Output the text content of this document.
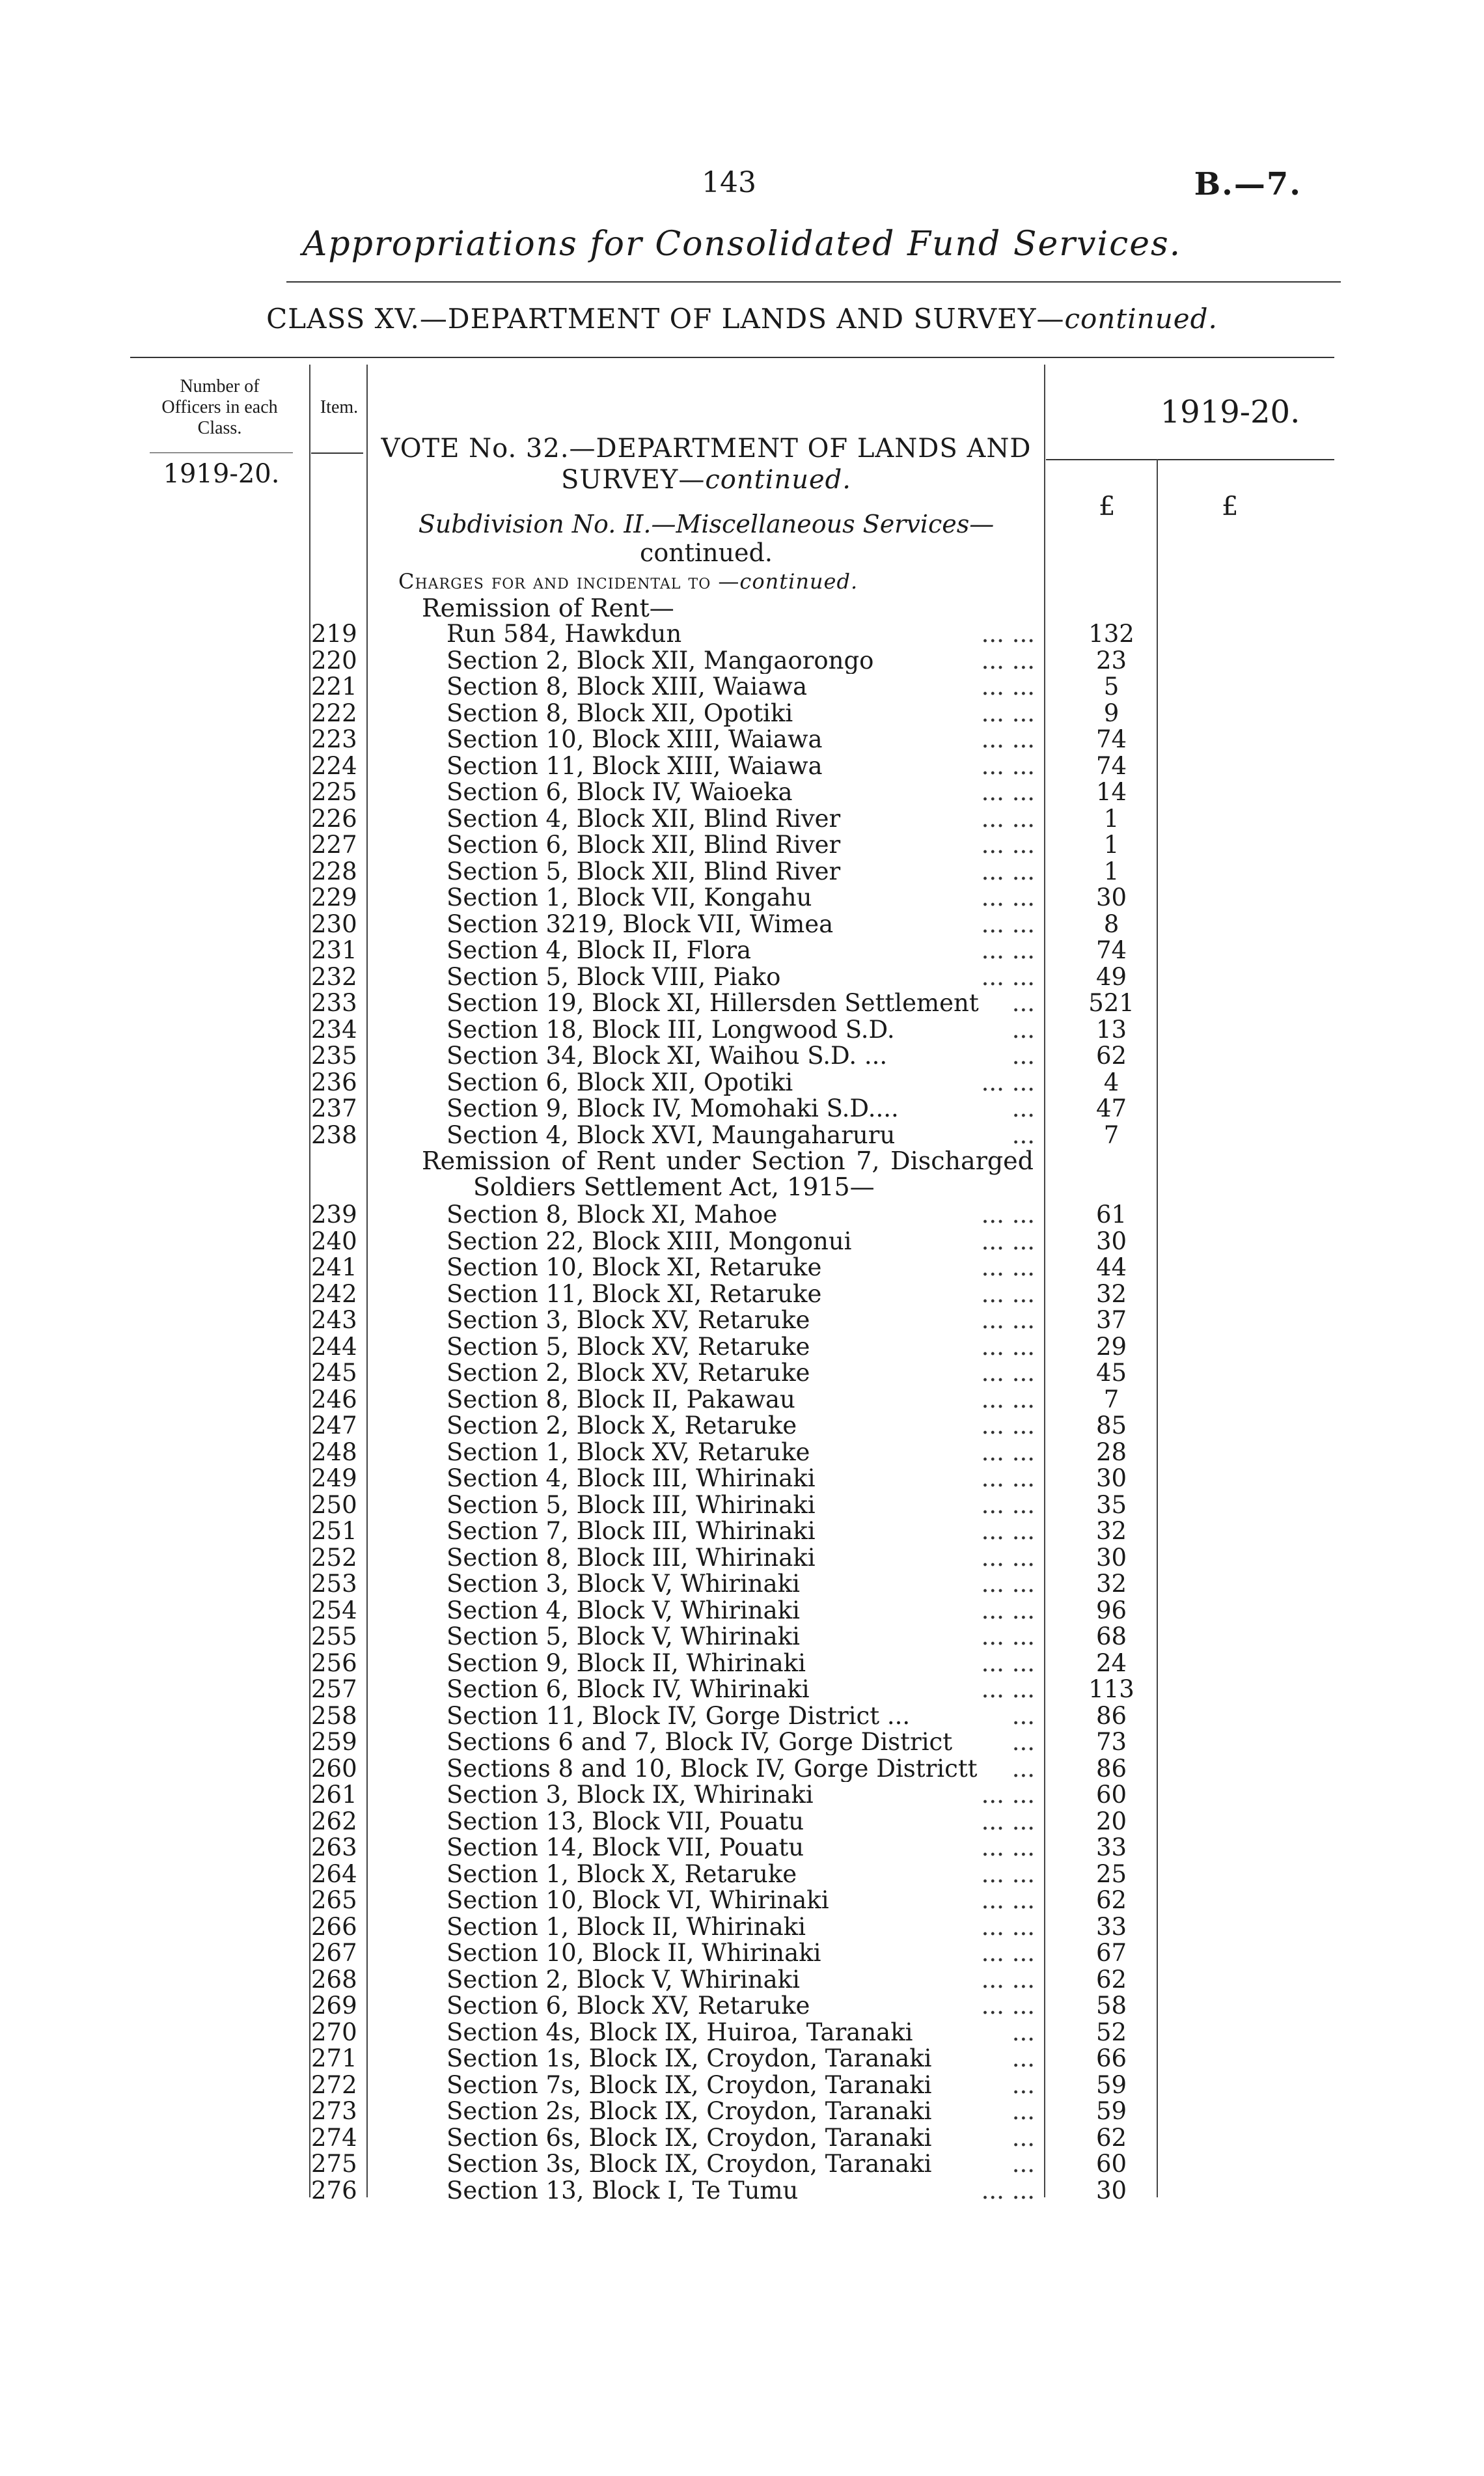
143	B.—7.
Appropriations for Consolidated Fund Services.
CLASS XV.—DEPARTMENT OF LANDS AND SURVEY—continued.
Number of
Officers in each
Class.
Item.
1919-20.
1919-20.
£	£
VOTE No. 32.—DEPARTMENT OF LANDS AND
SURVEY—continued.
Subdivision No. II.—Miscellaneous Services—continued.
Charges for and incidental to —continued.
Remission of Rent—
219	Run 584, Hawkdun	... ...	132
220	Section 2, Block XII, Mangaorongo	... ...	23
221	Section 8, Block XIII, Waiawa	... ...	5
222	Section 8, Block XII, Opotiki	... ...	9
223	Section 10, Block XIII, Waiawa	... ...	74
224	Section 11, Block XIII, Waiawa	... ...	74
225	Section 6, Block IV, Waioeka	... ...	14
226	Section 4, Block XII, Blind River	... ...	1
227	Section 6, Block XII, Blind River	... ...	1
228	Section 5, Block XII, Blind River	... ...	1
229	Section 1, Block VII, Kongahu	... ...	30
230	Section 3219, Block VII, Wimea	... ...	8
231	Section 4, Block II, Flora	... ...	74
232	Section 5, Block VIII, Piako	... ...	49
233	Section 19, Block XI, Hillersden Settlement	...	521
234	Section 18, Block III, Longwood S.D.	...	13
235	Section 34, Block XI, Waihou S.D. ...	...	62
236	Section 6, Block XII, Opotiki	... ...	4
237	Section 9, Block IV, Momohaki S.D....	...	47
238	Section 4, Block XVI, Maungaharuru	...	7
Remission of Rent under Section 7, Discharged
Soldiers Settlement Act, 1915—
239	Section 8, Block XI, Mahoe	... ...	61
240	Section 22, Block XIII, Mongonui	... ...	30
241	Section 10, Block XI, Retaruke	... ...	44
242	Section 11, Block XI, Retaruke	... ...	32
243	Section 3, Block XV, Retaruke	... ...	37
244	Section 5, Block XV, Retaruke	... ...	29
245	Section 2, Block XV, Retaruke	... ...	45
246	Section 8, Block II, Pakawau	... ...	7
247	Section 2, Block X, Retaruke	... ...	85
248	Section 1, Block XV, Retaruke	... ...	28
249	Section 4, Block III, Whirinaki	... ...	30
250	Section 5, Block III, Whirinaki	... ...	35
251	Section 7, Block III, Whirinaki	... ...	32
252	Section 8, Block III, Whirinaki	... ...	30
253	Section 3, Block V, Whirinaki	... ...	32
254	Section 4, Block V, Whirinaki	... ...	96
255	Section 5, Block V, Whirinaki	... ...	68
256	Section 9, Block II, Whirinaki	... ...	24
257	Section 6, Block IV, Whirinaki	... ...	113
258	Section 11, Block IV, Gorge District ...	...	86
259	Sections 6 and 7, Block IV, Gorge District	...	73
260	Sections 8 and 10, Block IV, Gorge Districtt	...	86
261	Section 3, Block IX, Whirinaki	... ...	60
262	Section 13, Block VII, Pouatu	... ...	20
263	Section 14, Block VII, Pouatu	... ...	33
264	Section 1, Block X, Retaruke	... ...	25
265	Section 10, Block VI, Whirinaki	... ...	62
266	Section 1, Block II, Whirinaki	... ...	33
267	Section 10, Block II, Whirinaki	... ...	67
268	Section 2, Block V, Whirinaki	... ...	62
269	Section 6, Block XV, Retaruke	... ...	58
270	Section 4s, Block IX, Huiroa, Taranaki	...	52
271	Section 1s, Block IX, Croydon, Taranaki	...	66
272	Section 7s, Block IX, Croydon, Taranaki	...	59
273	Section 2s, Block IX, Croydon, Taranaki	...	59
274	Section 6s, Block IX, Croydon, Taranaki	...	62
275	Section 3s, Block IX, Croydon, Taranaki	...	60
276	Section 13, Block I, Te Tumu	... ...	30
